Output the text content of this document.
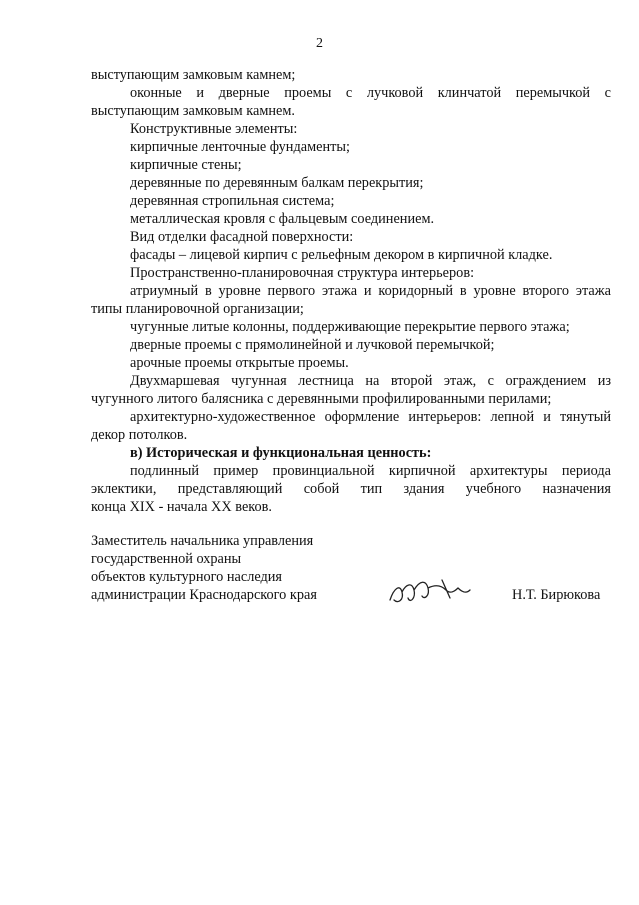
2
выступающим замковым камнем;
оконные и дверные проемы с лучковой клинчатой перемычкой с
выступающим замковым камнем.
Конструктивные элементы:
кирпичные ленточные фундаменты;
кирпичные стены;
деревянные по деревянным балкам перекрытия;
деревянная стропильная система;
металлическая кровля с фальцевым соединением.
Вид отделки фасадной поверхности:
фасады – лицевой кирпич с рельефным декором в кирпичной кладке.
Пространственно-планировочная структура интерьеров:
атриумный в уровне первого этажа и коридорный в уровне второго этажа
типы планировочной организации;
чугунные литые колонны, поддерживающие перекрытие первого этажа;
дверные проемы с прямолинейной и лучковой перемычкой;
арочные проемы открытые проемы.
Двухмаршевая чугунная лестница на второй этаж, с ограждением из
чугунного литого балясника с деревянными профилированными перилами;
архитектурно-художественное оформление интерьеров: лепной и тянутый
декор потолков.
в) Историческая и функциональная ценность:
подлинный пример провинциальной кирпичной архитектуры периода
эклектики, представляющий собой тип здания учебного назначения
конца XIX - начала XX веков.
Заместитель начальника управления
государственной охраны
объектов культурного наследия
администрации Краснодарского края	Н.Т. Бирюкова
